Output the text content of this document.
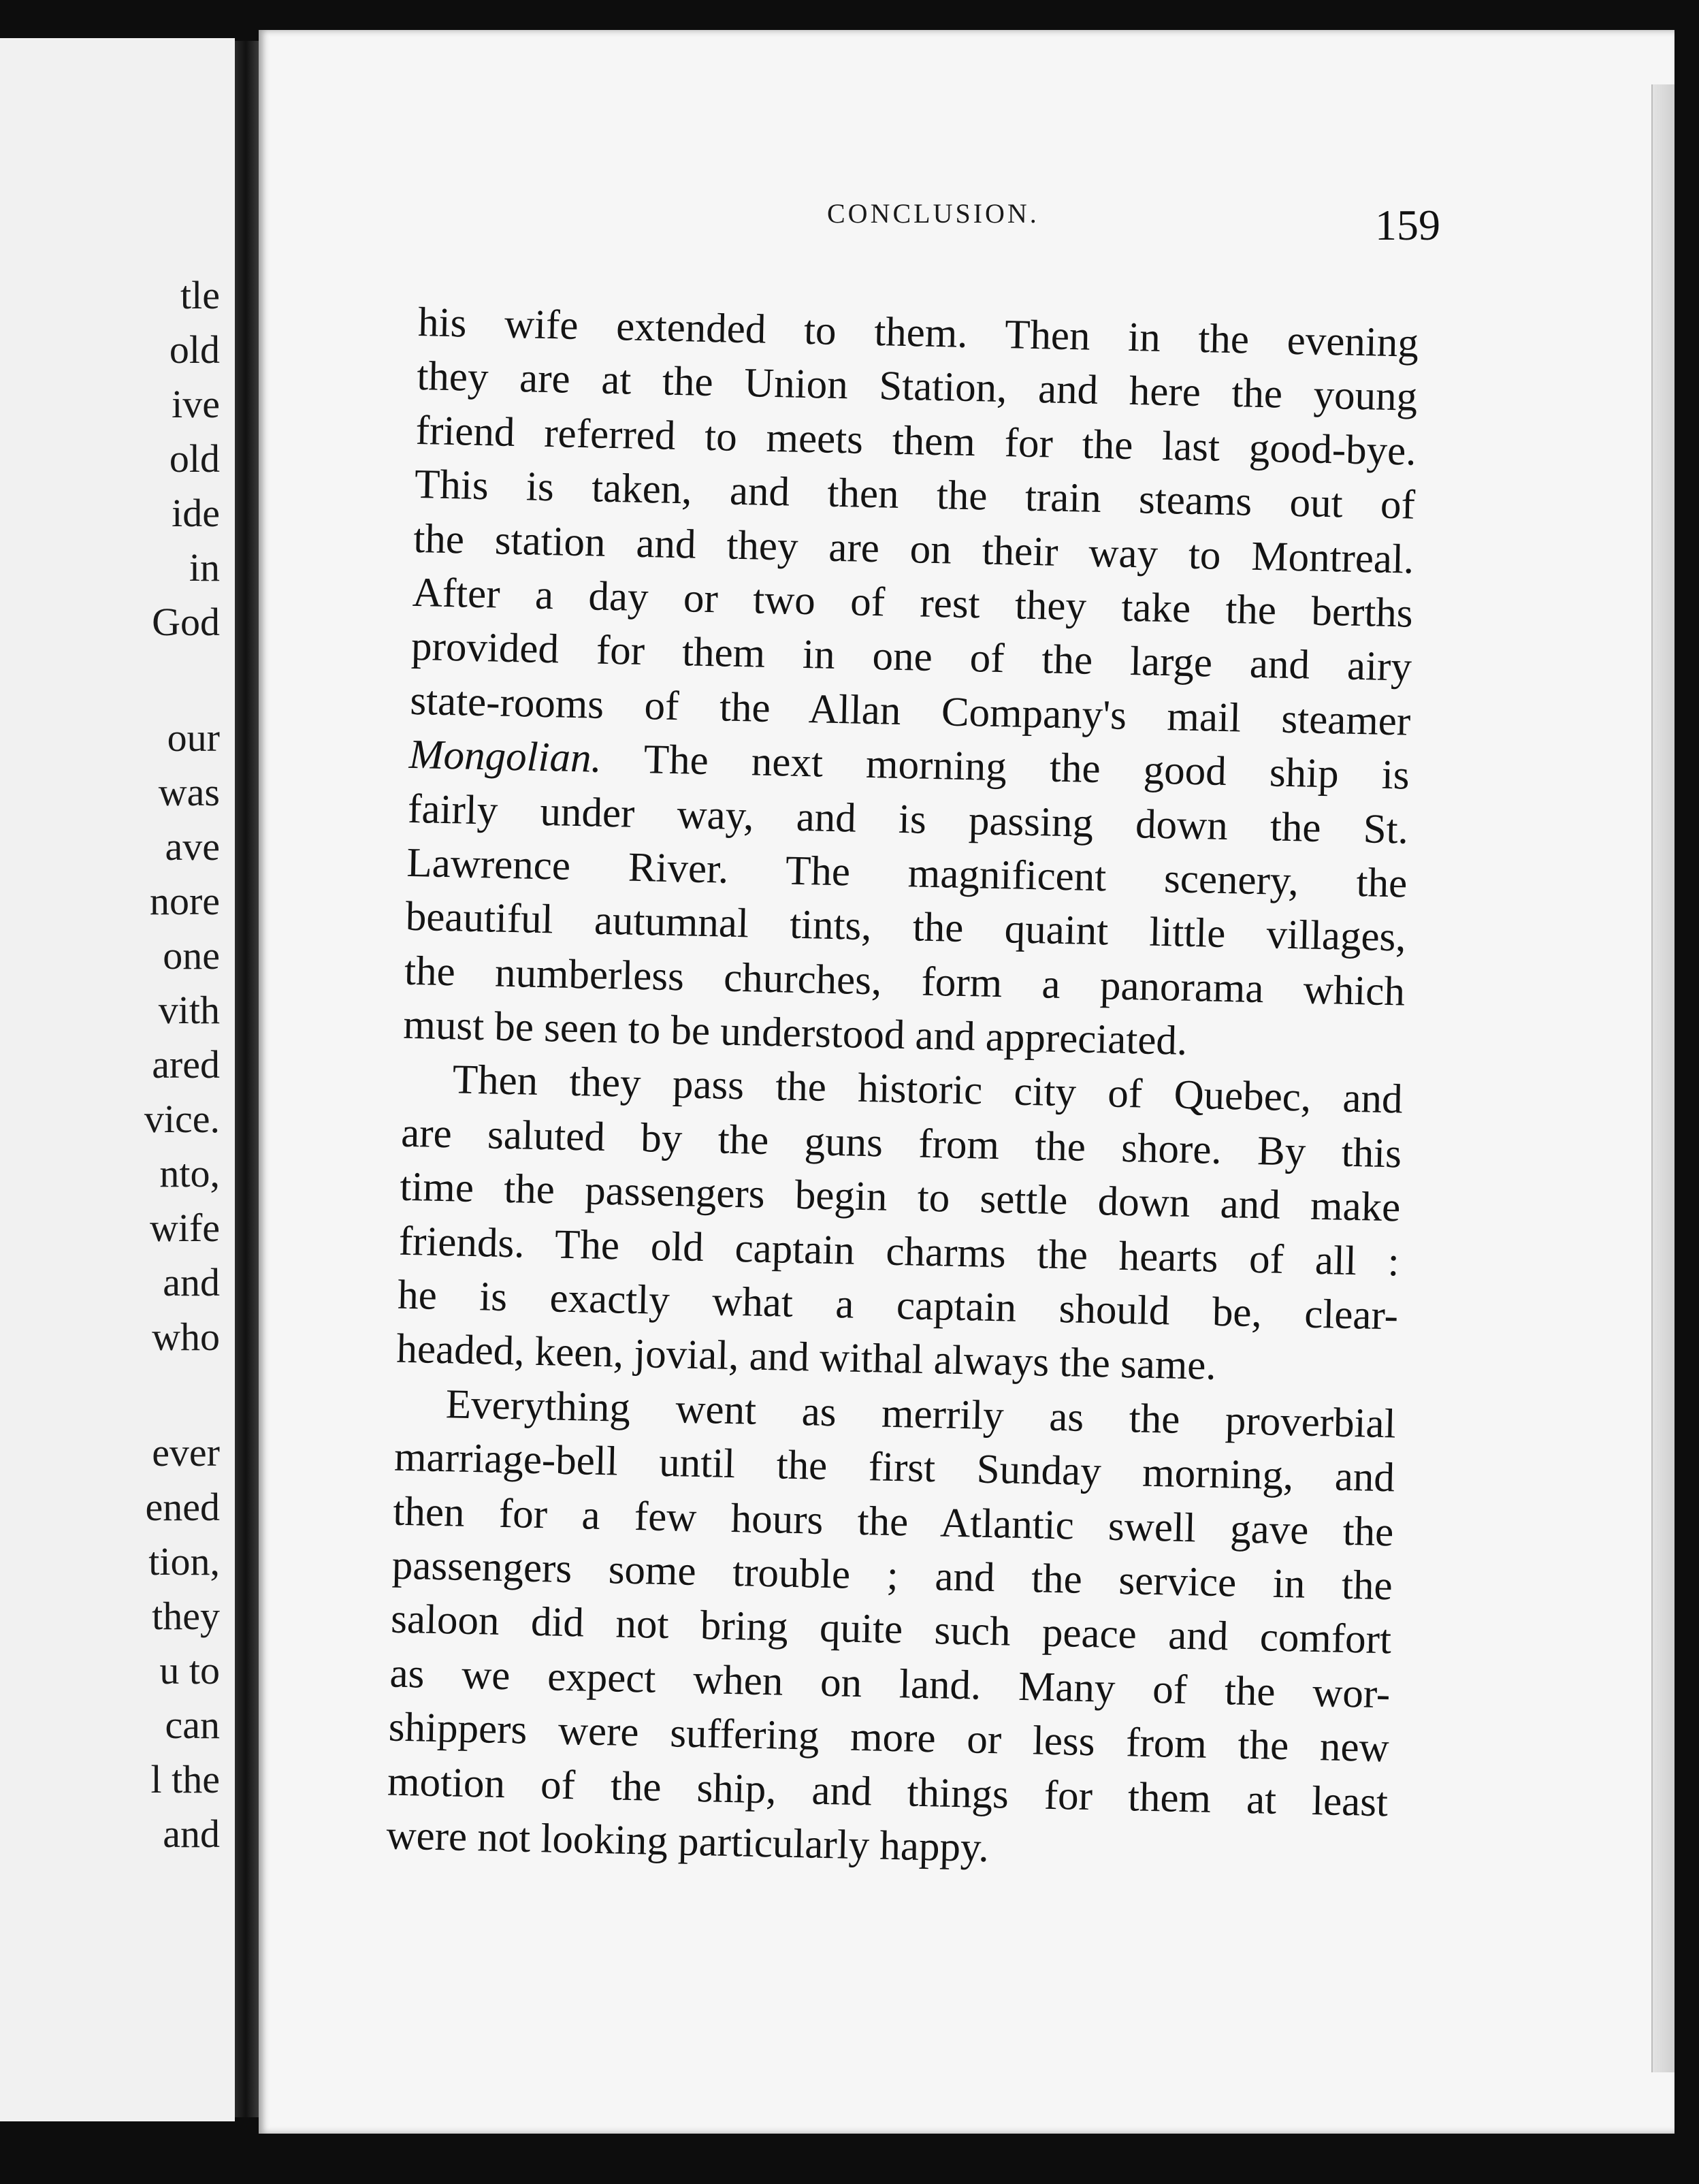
tle
old
ive
old
ide
in
God
our
was
ave
nore
one
vith
ared
vice.
nto,
wife
and
who
ever
ened
tion,
they
u to
can
l the
and
CONCLUSION.	159
his wife extended to them. Then in the evening
they are at the Union Station, and here the young
friend referred to meets them for the last good-bye.
This is taken, and then the train steams out of
the station and they are on their way to Montreal.
After a day or two of rest they take the berths
provided for them in one of the large and airy
state-rooms of the Allan Company's mail steamer
Mongolian. The next morning the good ship is
fairly under way, and is passing down the St.
Lawrence River. The magnificent scenery, the
beautiful autumnal tints, the quaint little villages,
the numberless churches, form a panorama which
must be seen to be understood and appreciated.
Then they pass the historic city of Quebec, and
are saluted by the guns from the shore. By this
time the passengers begin to settle down and make
friends. The old captain charms the hearts of all :
he is exactly what a captain should be, clear-
headed, keen, jovial, and withal always the same.
Everything went as merrily as the proverbial
marriage-bell until the first Sunday morning, and
then for a few hours the Atlantic swell gave the
passengers some trouble ; and the service in the
saloon did not bring quite such peace and comfort
as we expect when on land. Many of the wor-
shippers were suffering more or less from the new
motion of the ship, and things for them at least
were not looking particularly happy.
